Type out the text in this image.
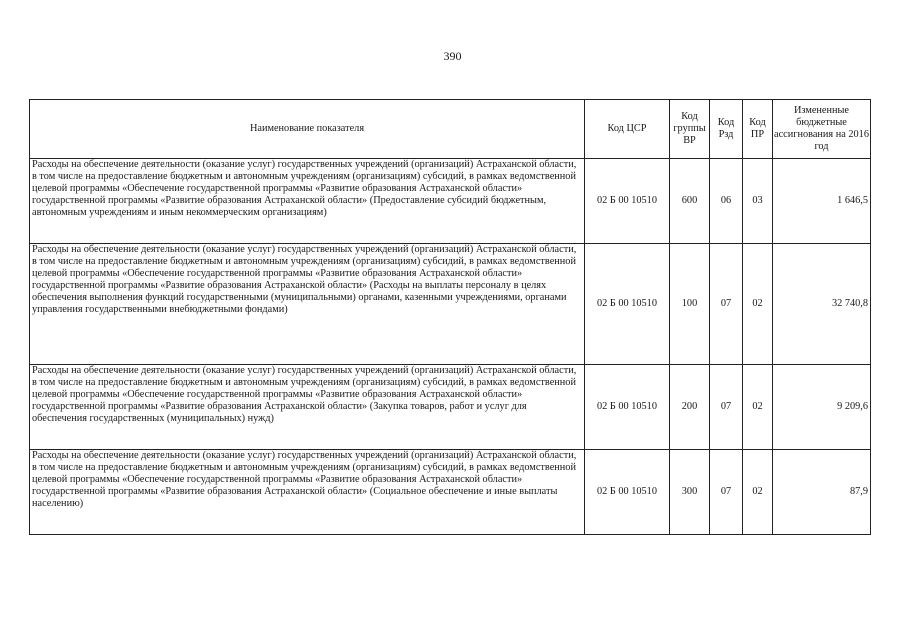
390
Наименование показателя	Код ЦСР	Код группы ВР	Код Рзд	Код ПР	Измененные бюджетные ассигнования на 2016 год
Расходы на обеспечение деятельности (оказание услуг) государственных учреждений (организаций) Астраханской области, в том числе на предоставление бюджетным и автономным учреждениям (организациям) субсидий, в рамках ведомственной целевой программы «Обеспечение государственной программы «Развитие образования Астраханской области» государственной программы «Развитие образования Астраханской области» (Предоставление субсидий бюджетным, автономным учреждениям и иным некоммерческим организациям)	02 Б 00 10510	600	06	03	1 646,5
Расходы на обеспечение деятельности (оказание услуг) государственных учреждений (организаций) Астраханской области, в том числе на предоставление бюджетным и автономным учреждениям (организациям) субсидий, в рамках ведомственной целевой программы «Обеспечение государственной программы «Развитие образования Астраханской области» государственной программы «Развитие образования Астраханской области» (Расходы на выплаты персоналу в целях обеспечения выполнения функций государственными (муниципальными) органами, казенными учреждениями, органами управления государственными внебюджетными фондами)	02 Б 00 10510	100	07	02	32 740,8
Расходы на обеспечение деятельности (оказание услуг) государственных учреждений (организаций) Астраханской области, в том числе на предоставление бюджетным и автономным учреждениям (организациям) субсидий, в рамках ведомственной целевой программы «Обеспечение государственной программы «Развитие образования Астраханской области» государственной программы «Развитие образования Астраханской области» (Закупка товаров, работ и услуг для обеспечения государственных (муниципальных) нужд)	02 Б 00 10510	200	07	02	9 209,6
Расходы на обеспечение деятельности (оказание услуг) государственных учреждений (организаций) Астраханской области, в том числе на предоставление бюджетным и автономным учреждениям (организациям) субсидий, в рамках ведомственной целевой программы «Обеспечение государственной программы «Развитие образования Астраханской области» государственной программы «Развитие образования Астраханской области» (Социальное обеспечение и иные выплаты населению)	02 Б 00 10510	300	07	02	87,9
